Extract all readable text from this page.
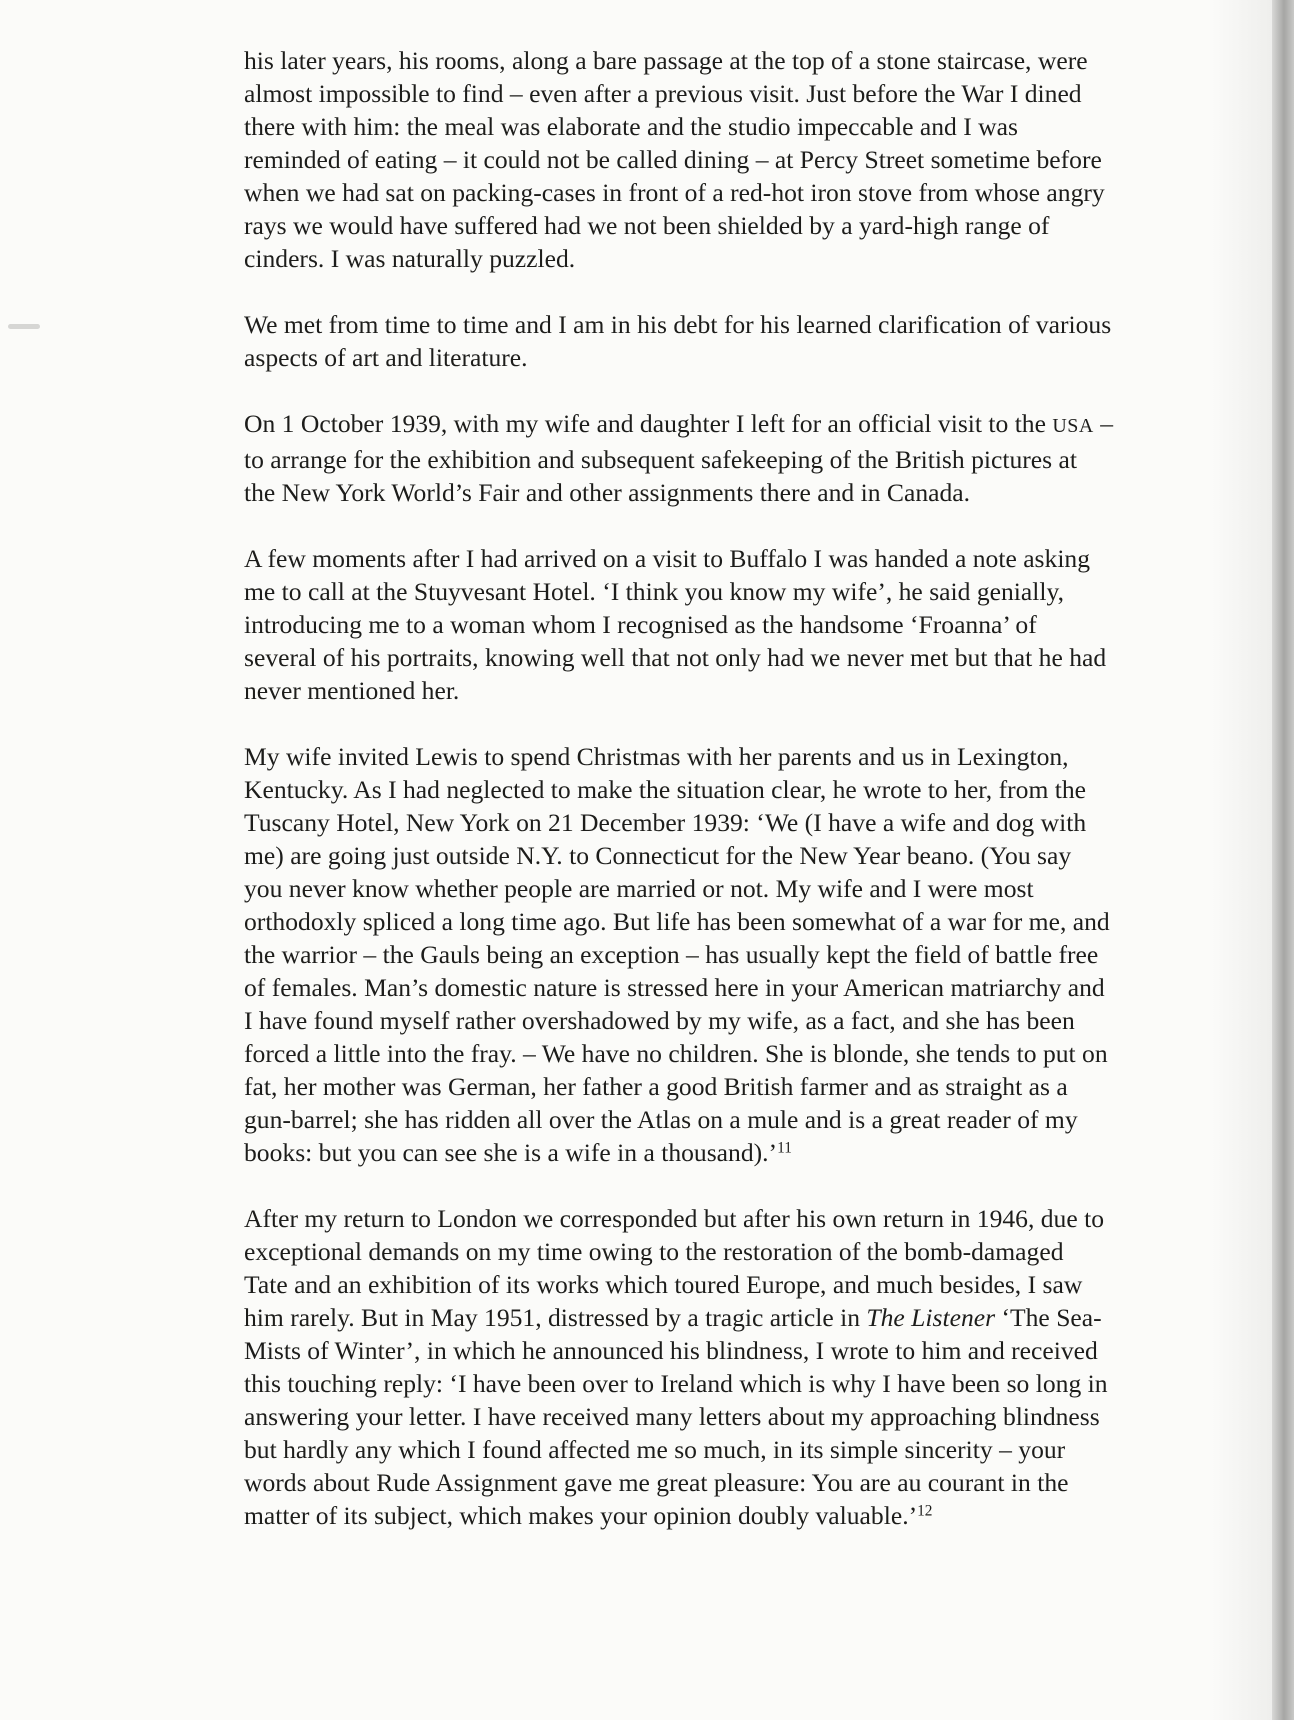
his later years, his rooms, along a bare passage at the top of a stone staircase, were
almost impossible to find – even after a previous visit. Just before the War I dined
there with him: the meal was elaborate and the studio impeccable and I was
reminded of eating – it could not be called dining – at Percy Street sometime before
when we had sat on packing-cases in front of a red-hot iron stove from whose angry
rays we would have suffered had we not been shielded by a yard-high range of
cinders. I was naturally puzzled.

We met from time to time and I am in his debt for his learned clarification of various
aspects of art and literature.

On 1 October 1939, with my wife and daughter I left for an official visit to the USA –
to arrange for the exhibition and subsequent safekeeping of the British pictures at
the New York World’s Fair and other assignments there and in Canada.

A few moments after I had arrived on a visit to Buffalo I was handed a note asking
me to call at the Stuyvesant Hotel. ‘I think you know my wife’, he said genially,
introducing me to a woman whom I recognised as the handsome ‘Froanna’ of
several of his portraits, knowing well that not only had we never met but that he had
never mentioned her.

My wife invited Lewis to spend Christmas with her parents and us in Lexington,
Kentucky. As I had neglected to make the situation clear, he wrote to her, from the
Tuscany Hotel, New York on 21 December 1939: ‘We (I have a wife and dog with
me) are going just outside N.Y. to Connecticut for the New Year beano. (You say
you never know whether people are married or not. My wife and I were most
orthodoxly spliced a long time ago. But life has been somewhat of a war for me, and
the warrior – the Gauls being an exception – has usually kept the field of battle free
of females. Man’s domestic nature is stressed here in your American matriarchy and
I have found myself rather overshadowed by my wife, as a fact, and she has been
forced a little into the fray. – We have no children. She is blonde, she tends to put on
fat, her mother was German, her father a good British farmer and as straight as a
gun-barrel; she has ridden all over the Atlas on a mule and is a great reader of my
books: but you can see she is a wife in a thousand).’$^{11}$

After my return to London we corresponded but after his own return in 1946, due to
exceptional demands on my time owing to the restoration of the bomb-damaged
Tate and an exhibition of its works which toured Europe, and much besides, I saw
him rarely. But in May 1951, distressed by a tragic article in The Listener ‘The Sea-
Mists of Winter’, in which he announced his blindness, I wrote to him and received
this touching reply: ‘I have been over to Ireland which is why I have been so long in
answering your letter. I have received many letters about my approaching blindness
but hardly any which I found affected me so much, in its simple sincerity – your
words about Rude Assignment gave me great pleasure: You are au courant in the
matter of its subject, which makes your opinion doubly valuable.’$^{12}$
